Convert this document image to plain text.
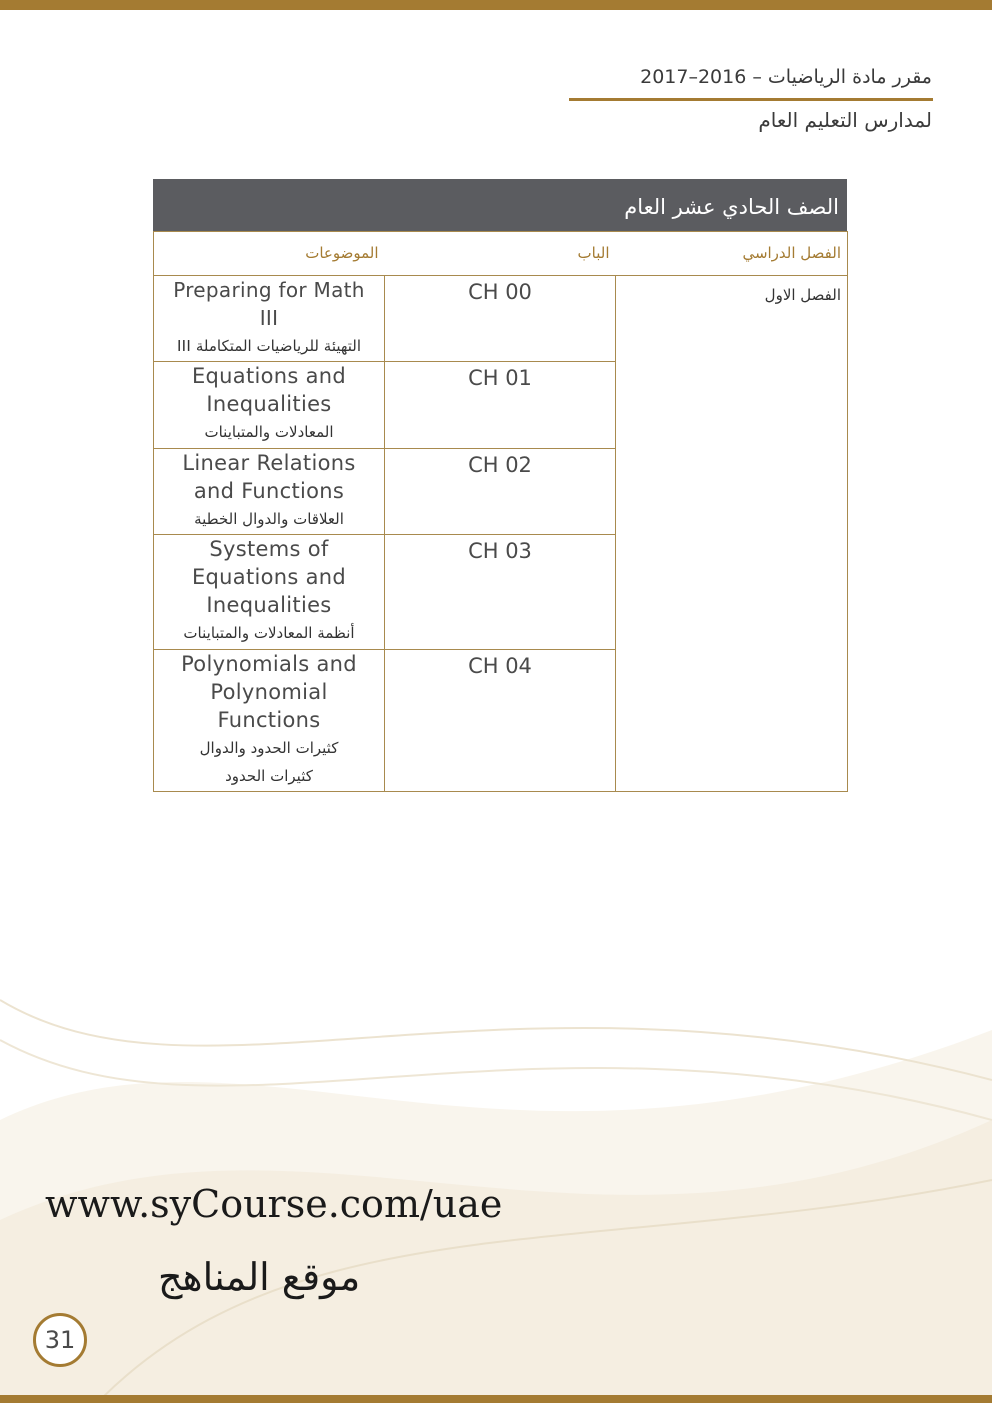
مقرر مادة الرياضيات – 2016–2017
لمدارس التعليم العام
الصف الحادي عشر العام
الموضوعات	الباب	الفصل الدراسي

Preparing for Math III
التهيئة للرياضيات المتكاملة III	CH 00	الفصل الاول

Equations and Inequalities
المعادلات والمتباينات	CH 01	

Linear Relations and Functions
العلاقات والدوال الخطية	CH 02	

Systems of Equations and Inequalities
أنظمة المعادلات والمتباينات	CH 03	

Polynomials and Polynomial Functions
كثيرات الحدود والدوال كثيرات الحدود	CH 04	
www.syCourse.com/uae
موقع المناهج
31
